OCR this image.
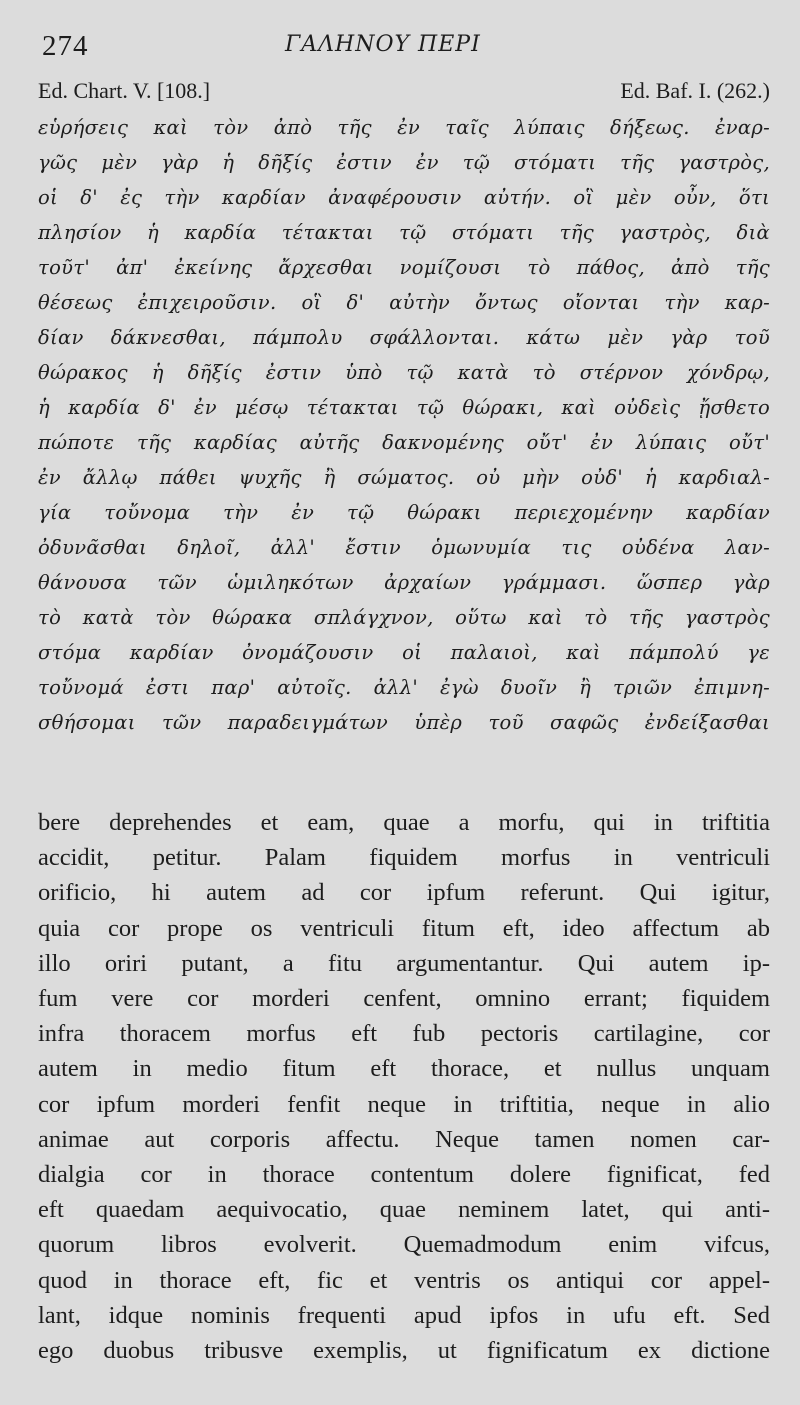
274	ΓΑΛΗΝΟΥ ΠΕΡΙ
Ed. Chart. V. [108.]	Ed. Baf. I. (262.)
εὑρήσεις καὶ τὸν ἀπὸ τῆς ἐν ταῖς λύπαις δήξεως. ἐναρ-
γῶς μὲν γὰρ ἡ δῆξίς ἐστιν ἐν τῷ στόματι τῆς γαστρὸς,
οἱ δ' ἐς τὴν καρδίαν ἀναφέρουσιν αὐτήν. οἳ μὲν οὖν, ὅτι
πλησίον ἡ καρδία τέτακται τῷ στόματι τῆς γαστρὸς, διὰ
τοῦτ' ἀπ' ἐκείνης ἄρχεσθαι νομίζουσι τὸ πάθος, ἀπὸ τῆς
θέσεως ἐπιχειροῦσιν. οἳ δ' αὐτὴν ὄντως οἴονται τὴν καρ-
δίαν δάκνεσθαι, πάμπολυ σφάλλονται. κάτω μὲν γὰρ τοῦ
θώρακος ἡ δῆξίς ἐστιν ὑπὸ τῷ κατὰ τὸ στέρνον χόνδρῳ,
ἡ καρδία δ' ἐν μέσῳ τέτακται τῷ θώρακι, καὶ οὐδεὶς ᾔσθετο
πώποτε τῆς καρδίας αὐτῆς δακνομένης οὔτ' ἐν λύπαις οὔτ'
ἐν ἄλλῳ πάθει ψυχῆς ἢ σώματος. οὐ μὴν οὐδ' ἡ καρδιαλ-
γία τοὔνομα τὴν ἐν τῷ θώρακι περιεχομένην καρδίαν
ὀδυνᾶσθαι δηλοῖ, ἀλλ' ἔστιν ὁμωνυμία τις οὐδένα λαν-
θάνουσα τῶν ὡμιληκότων ἀρχαίων γράμμασι. ὥσπερ γὰρ
τὸ κατὰ τὸν θώρακα σπλάγχνον, οὕτω καὶ τὸ τῆς γαστρὸς
στόμα καρδίαν ὀνομάζουσιν οἱ παλαιοὶ, καὶ πάμπολύ γε
τοὔνομά ἐστι παρ' αὐτοῖς. ἀλλ' ἐγὼ δυοῖν ἢ τριῶν ἐπιμνη-
σθήσομαι τῶν παραδειγμάτων ὑπὲρ τοῦ σαφῶς ἐνδείξασθαι
bere deprehendes et eam, quae a morfu, qui in triftitia
accidit, petitur. Palam fiquidem morfus in ventriculi
orificio, hi autem ad cor ipfum referunt. Qui igitur,
quia cor prope os ventriculi fitum eft, ideo affectum ab
illo oriri putant, a fitu argumentantur. Qui autem ip-
fum vere cor morderi cenfent, omnino errant; fiquidem
infra thoracem morfus eft fub pectoris cartilagine, cor
autem in medio fitum eft thorace, et nullus unquam
cor ipfum morderi fenfit neque in triftitia, neque in alio
animae aut corporis affectu. Neque tamen nomen car-
dialgia cor in thorace contentum dolere fignificat, fed
eft quaedam aequivocatio, quae neminem latet, qui anti-
quorum libros evolverit. Quemadmodum enim vifcus,
quod in thorace eft, fic et ventris os antiqui cor appel-
lant, idque nominis frequenti apud ipfos in ufu eft. Sed
ego duobus tribusve exemplis, ut fignificatum ex dictione
